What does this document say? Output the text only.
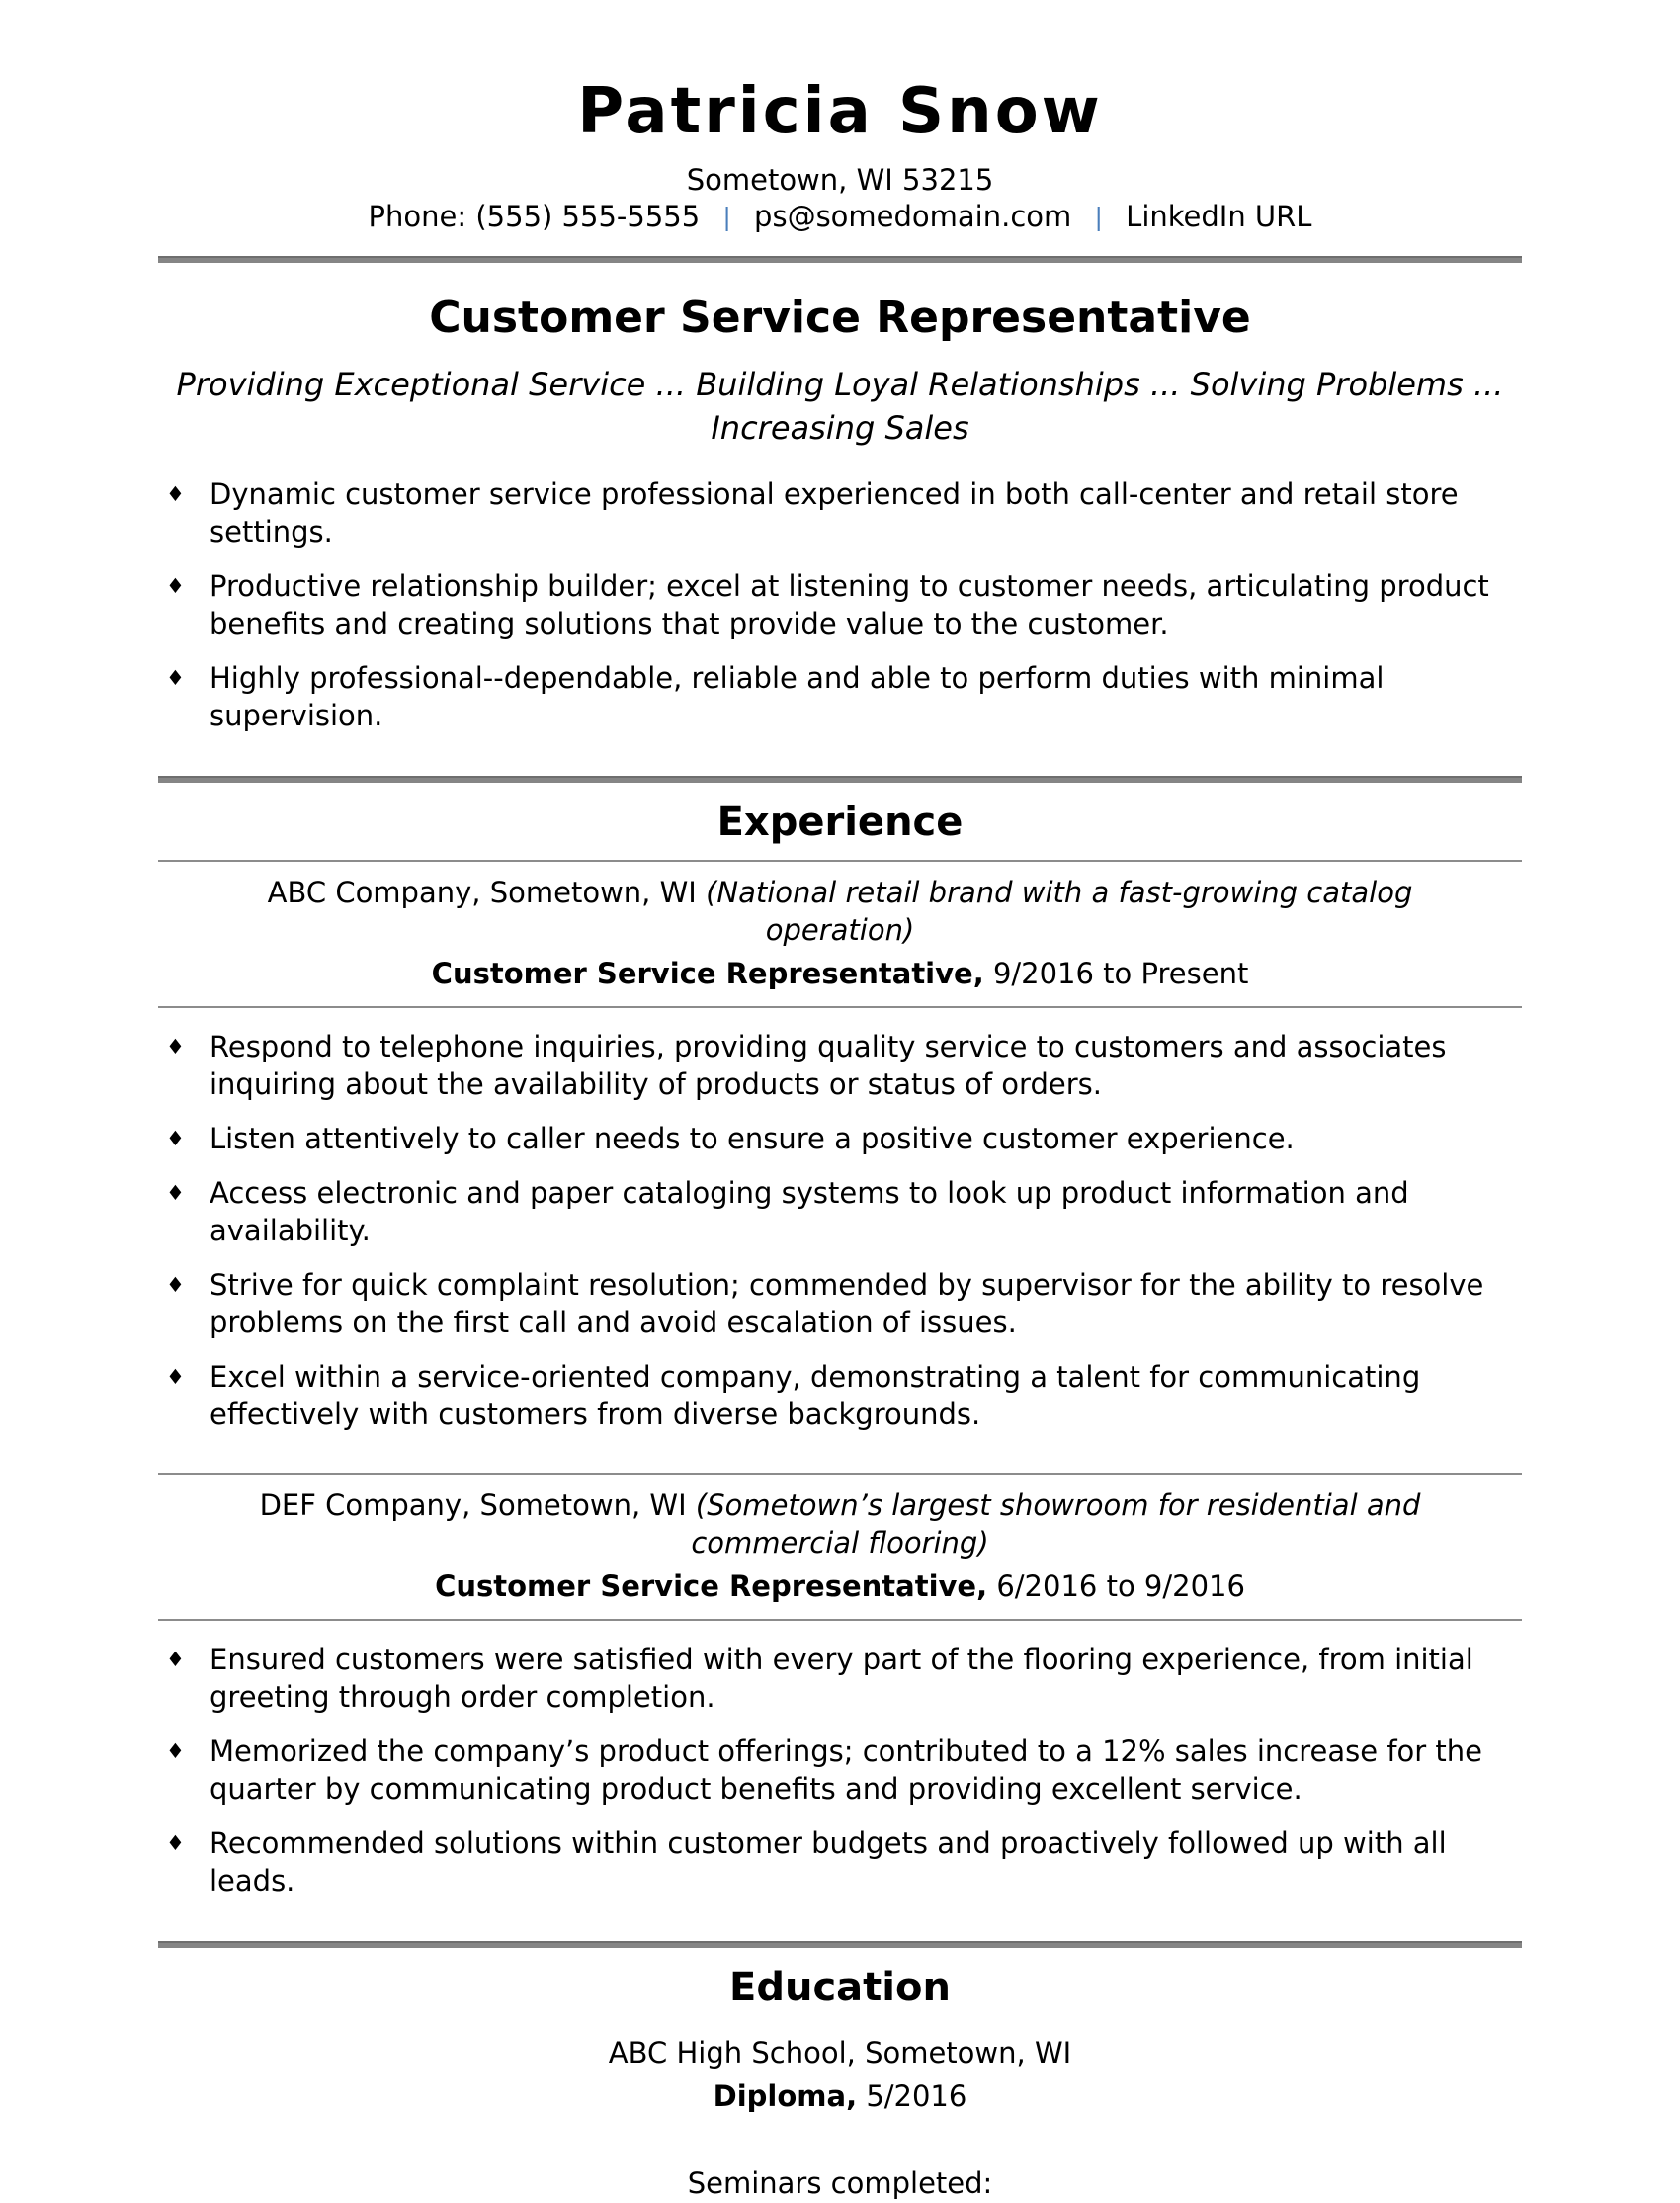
Patricia Snow

Sometown, WI 53215

Phone: (555) 555-5555 | ps@somedomain.com | LinkedIn URL

Customer Service Representative

Providing Exceptional Service ... Building Loyal Relationships ... Solving Problems ... Increasing Sales

♦ Dynamic customer service professional experienced in both call-center and retail store settings.
♦ Productive relationship builder; excel at listening to customer needs, articulating product benefits and creating solutions that provide value to the customer.
♦ Highly professional--dependable, reliable and able to perform duties with minimal supervision.
Experience

ABC Company, Sometown, WI (National retail brand with a fast-growing catalog operation)

Customer Service Representative, 9/2016 to Present

♦ Respond to telephone inquiries, providing quality service to customers and associates inquiring about the availability of products or status of orders.
♦ Listen attentively to caller needs to ensure a positive customer experience.
♦ Access electronic and paper cataloging systems to look up product information and availability.
♦ Strive for quick complaint resolution; commended by supervisor for the ability to resolve problems on the first call and avoid escalation of issues.
♦ Excel within a service-oriented company, demonstrating a talent for communicating effectively with customers from diverse backgrounds.

DEF Company, Sometown, WI (Sometown’s largest showroom for residential and commercial flooring)

Customer Service Representative, 6/2016 to 9/2016

♦ Ensured customers were satisfied with every part of the flooring experience, from initial greeting through order completion.
♦ Memorized the company’s product offerings; contributed to a 12% sales increase for the quarter by communicating product benefits and providing excellent service.
♦ Recommended solutions within customer budgets and proactively followed up with all leads.
Education

ABC High School, Sometown, WI

Diploma, 5/2016

Seminars completed:
